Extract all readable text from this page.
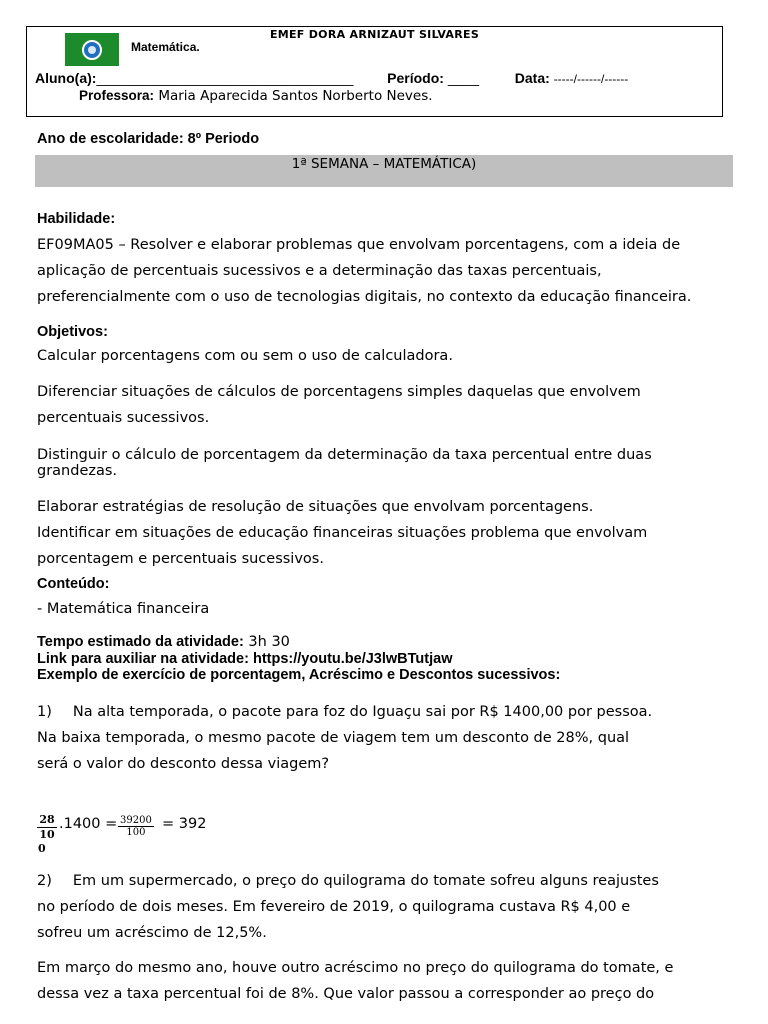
EMEF DORA ARNIZAUT SILVARES
Matemática.
Aluno(a):_________________________________ Período: ____	Data: -----/------/------
Professora: Maria Aparecida Santos Norberto Neves.
Ano de escolaridade: 8º Periodo
1ª SEMANA – MATEMÁTICA)
Habilidade:
EF09MA05 – Resolver e elaborar problemas que envolvam porcentagens, com a ideia de
aplicação de percentuais sucessivos e a determinação das taxas percentuais,
preferencialmente com o uso de tecnologias digitais, no contexto da educação financeira.
Objetivos:
Calcular porcentagens com ou sem o uso de calculadora.
Diferenciar situações de cálculos de porcentagens simples daquelas que envolvem
percentuais sucessivos.
Distinguir o cálculo de porcentagem da determinação da taxa percentual entre duas
grandezas.
Elaborar estratégias de resolução de situações que envolvam porcentagens.
Identificar em situações de educação financeiras situações problema que envolvam
porcentagem e percentuais sucessivos.
Conteúdo:
- Matemática financeira
Tempo estimado da atividade: 3h 30
Link para auxiliar na atividade: https://youtu.be/J3lwBTutjaw
Exemplo de exercício de porcentagem, Acréscimo e Descontos sucessivos:
1) Na alta temporada, o pacote para foz do Iguaçu sai por R$ 1400,00 por pessoa.
Na baixa temporada, o mesmo pacote de viagem tem um desconto de 28%, qual
será o valor do desconto dessa viagem?
28
10
0
$.1400 = \frac{39200}{100} = 392$
2) Em um supermercado, o preço do quilograma do tomate sofreu alguns reajustes
no período de dois meses. Em fevereiro de 2019, o quilograma custava R$ 4,00 e
sofreu um acréscimo de 12,5%.
Em março do mesmo ano, houve outro acréscimo no preço do quilograma do tomate, e
dessa vez a taxa percentual foi de 8%. Que valor passou a corresponder ao preço do
